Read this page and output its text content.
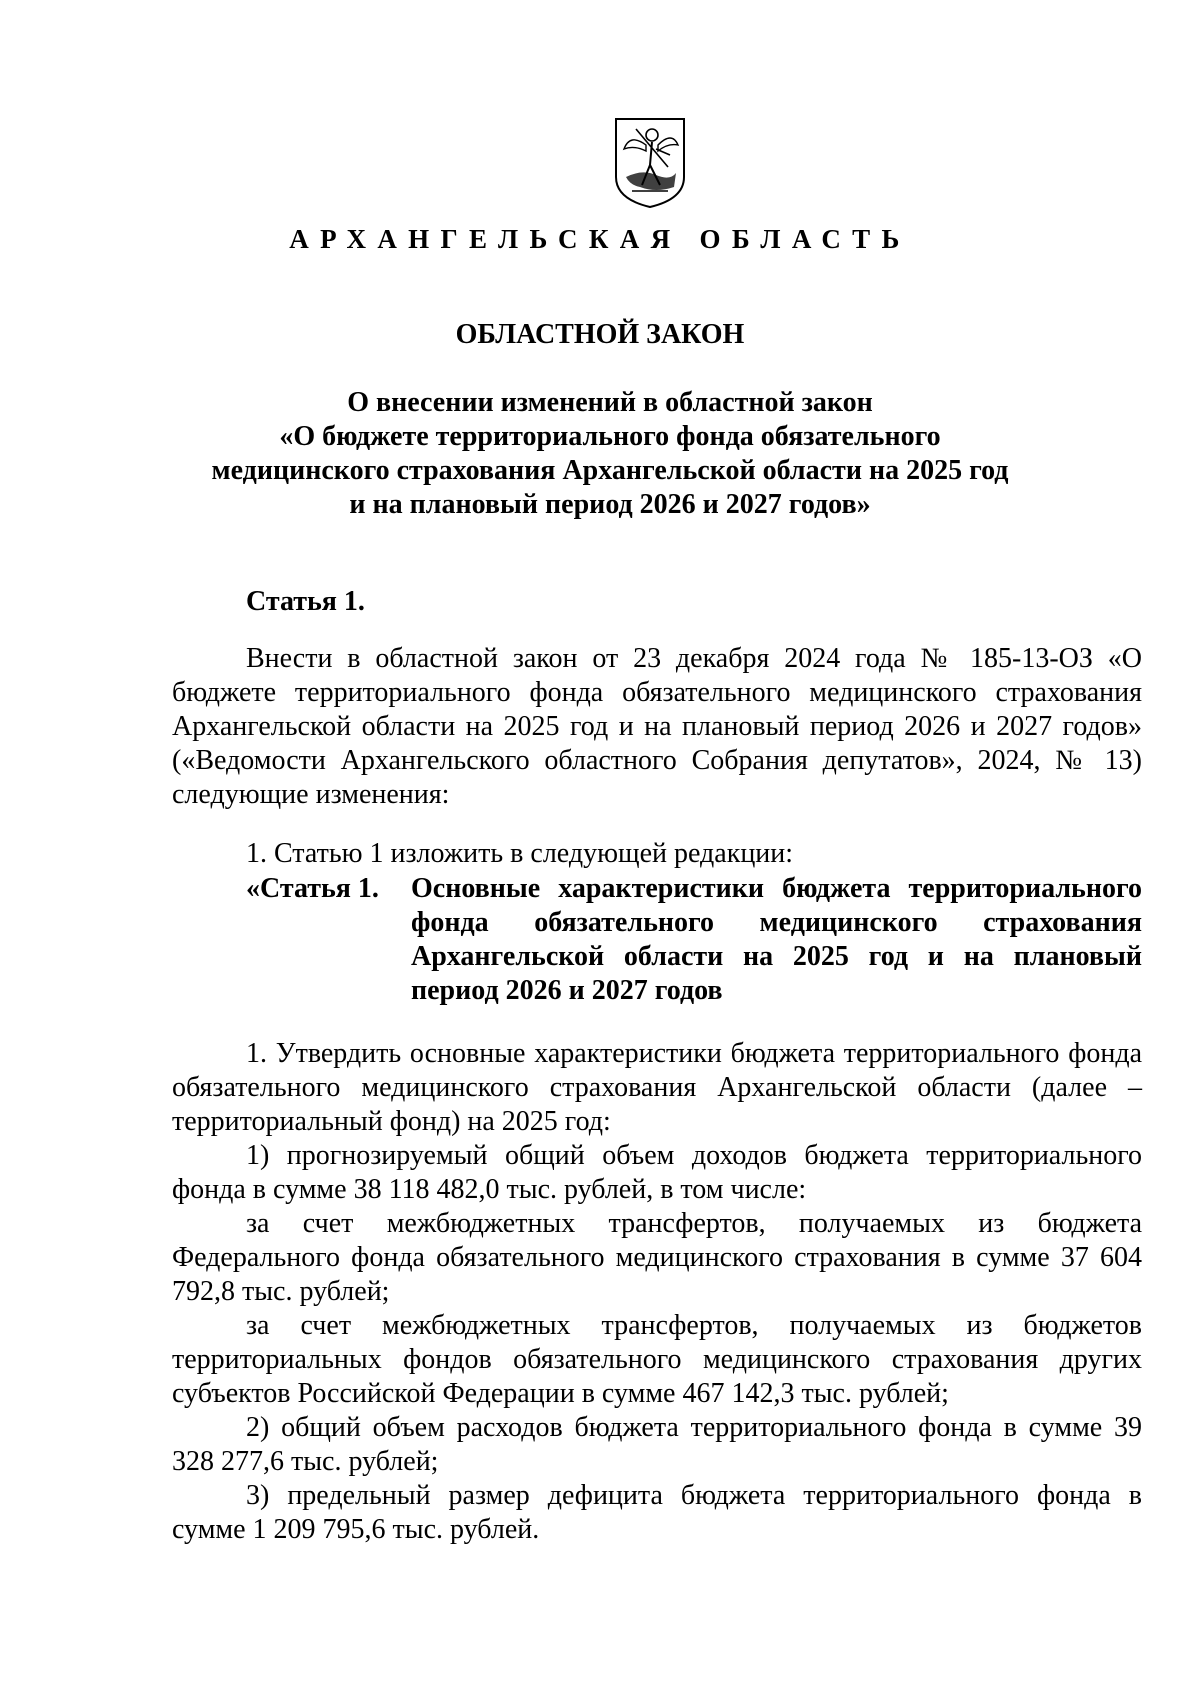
АРХАНГЕЛЬСКАЯ ОБЛАСТЬ
ОБЛАСТНОЙ ЗАКОН
О внесении изменений в областной закон
«О бюджете территориального фонда обязательного
медицинского страхования Архангельской области на 2025 год
и на плановый период 2026 и 2027 годов»
Статья 1.

Внести в областной закон от 23 декабря 2024 года № 185-13-ОЗ «О бюджете территориального фонда обязательного медицинского страхования Архангельской области на 2025 год и на плановый период 2026 и 2027 годов» («Ведомости Архангельского областного Собрания депутатов», 2024, № 13) следующие изменения:

1. Статью 1 изложить в следующей редакции:

«Статья 1. Основные характеристики бюджета территориального фонда обязательного медицинского страхования Архангельской области на 2025 год и на плановый период 2026 и 2027 годов

1. Утвердить основные характеристики бюджета территориального фонда обязательного медицинского страхования Архангельской области (далее – территориальный фонд) на 2025 год:

1) прогнозируемый общий объем доходов бюджета территориального фонда в сумме 38 118 482,0 тыс. рублей, в том числе:

за счет межбюджетных трансфертов, получаемых из бюджета Федерального фонда обязательного медицинского страхования в сумме 37 604 792,8 тыс. рублей;

за счет межбюджетных трансфертов, получаемых из бюджетов территориальных фондов обязательного медицинского страхования других субъектов Российской Федерации в сумме 467 142,3 тыс. рублей;

2) общий объем расходов бюджета территориального фонда в сумме 39 328 277,6 тыс. рублей;

3) предельный размер дефицита бюджета территориального фонда в сумме 1 209 795,6 тыс. рублей.
